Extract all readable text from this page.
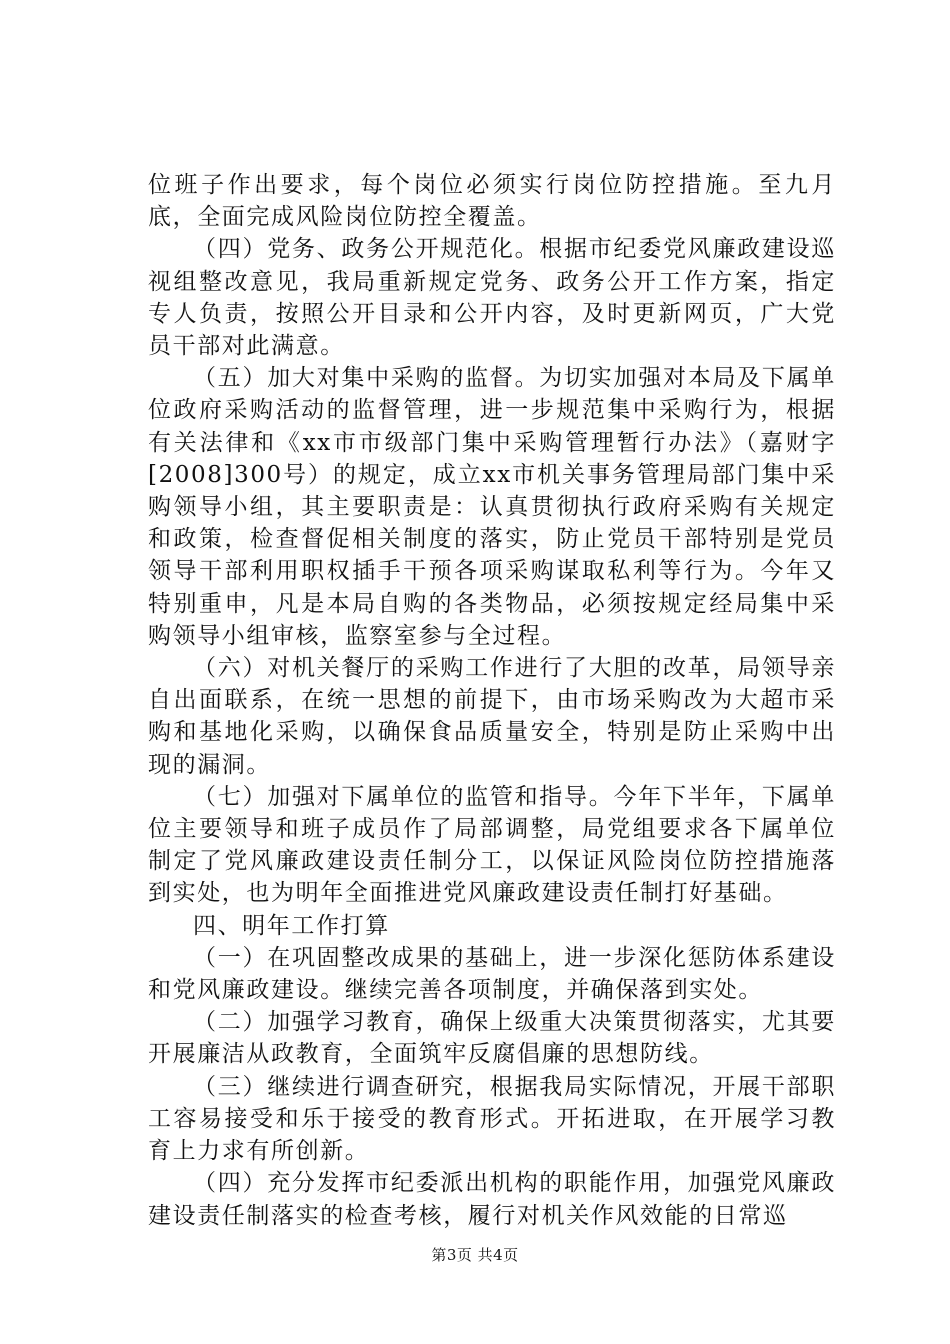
位班子作出要求，每个岗位必须实行岗位防控措施。至九月底，全面完成风险岗位防控全覆盖。

（四）党务、政务公开规范化。根据市纪委党风廉政建设巡视组整改意见，我局重新规定党务、政务公开工作方案，指定专人负责，按照公开目录和公开内容，及时更新网页，广大党员干部对此满意。

（五）加大对集中采购的监督。为切实加强对本局及下属单位政府采购活动的监督管理，进一步规范集中采购行为，根据有关法律和《xx市市级部门集中采购管理暂行办法》（嘉财字[2008]300号）的规定，成立xx市机关事务管理局部门集中采购领导小组，其主要职责是：认真贯彻执行政府采购有关规定和政策，检查督促相关制度的落实，防止党员干部特别是党员领导干部利用职权插手干预各项采购谋取私利等行为。今年又特别重申，凡是本局自购的各类物品，必须按规定经局集中采购领导小组审核，监察室参与全过程。

（六）对机关餐厅的采购工作进行了大胆的改革，局领导亲自出面联系，在统一思想的前提下，由市场采购改为大超市采购和基地化采购，以确保食品质量安全，特别是防止采购中出现的漏洞。

（七）加强对下属单位的监管和指导。今年下半年，下属单位主要领导和班子成员作了局部调整，局党组要求各下属单位制定了党风廉政建设责任制分工，以保证风险岗位防控措施落到实处，也为明年全面推进党风廉政建设责任制打好基础。

四、明年工作打算

（一）在巩固整改成果的基础上，进一步深化惩防体系建设和党风廉政建设。继续完善各项制度，并确保落到实处。

（二）加强学习教育，确保上级重大决策贯彻落实，尤其要开展廉洁从政教育，全面筑牢反腐倡廉的思想防线。

（三）继续进行调查研究，根据我局实际情况，开展干部职工容易接受和乐于接受的教育形式。开拓进取，在开展学习教育上力求有所创新。

（四）充分发挥市纪委派出机构的职能作用，加强党风廉政建设责任制落实的检查考核，履行对机关作风效能的日常巡

第3页 共4页
